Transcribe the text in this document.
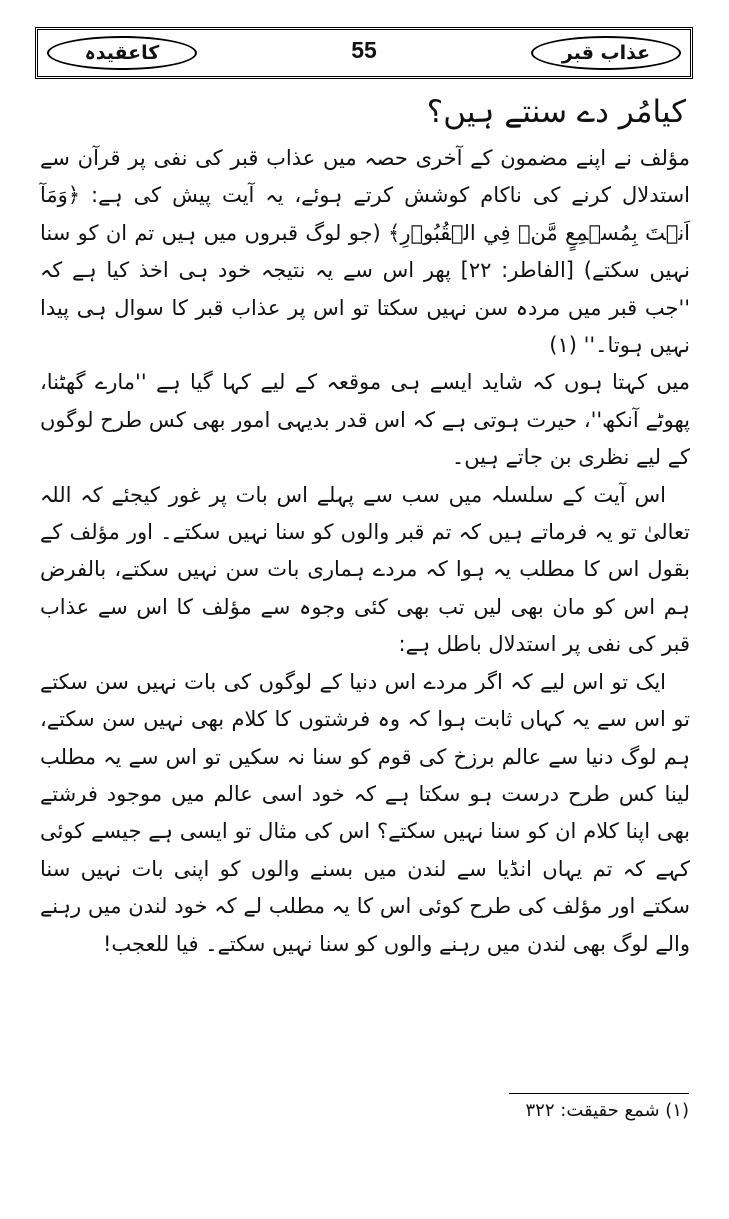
کاعقیدہ	55	عذاب قبر
کیامُر دے سنتے ہیں؟

مؤلف نے اپنے مضمون کے آخری حصہ میں عذاب قبر کی نفی پر قرآن سے استدلال کرنے کی ناکام کوشش کرتے ہوئے، یہ آیت پیش کی ہے: ﴿وَمَآ اَنۡتَ بِمُسۡمِعٍ مَّنۡ فِي الۡقُبُوۡرِ﴾ (جو لوگ قبروں میں ہیں تم ان کو سنا نہیں سکتے) [الفاطر: ۲۲] پھر اس سے یہ نتیجہ خود ہی اخذ کیا ہے کہ ''جب قبر میں مردہ سن نہیں سکتا تو اس پر عذاب قبر کا سوال ہی پیدا نہیں ہوتا۔'' (۱)

میں کہتا ہوں کہ شاید ایسے ہی موقعہ کے لیے کہا گیا ہے ''مارے گھٹنا، پھوٹے آنکھ''، حیرت ہوتی ہے کہ اس قدر بدیہی امور بھی کس طرح لوگوں کے لیے نظری بن جاتے ہیں۔

اس آیت کے سلسلہ میں سب سے پہلے اس بات پر غور کیجئے کہ اللہ تعالیٰ تو یہ فرماتے ہیں کہ تم قبر والوں کو سنا نہیں سکتے۔ اور مؤلف کے بقول اس کا مطلب یہ ہوا کہ مردے ہماری بات سن نہیں سکتے، بالفرض ہم اس کو مان بھی لیں تب بھی کئی وجوہ سے مؤلف کا اس سے عذاب قبر کی نفی پر استدلال باطل ہے:

ایک تو اس لیے کہ اگر مردے اس دنیا کے لوگوں کی بات نہیں سن سکتے تو اس سے یہ کہاں ثابت ہوا کہ وہ فرشتوں کا کلام بھی نہیں سن سکتے، ہم لوگ دنیا سے عالم برزخ کی قوم کو سنا نہ سکیں تو اس سے یہ مطلب لینا کس طرح درست ہو سکتا ہے کہ خود اسی عالم میں موجود فرشتے بھی اپنا کلام ان کو سنا نہیں سکتے؟ اس کی مثال تو ایسی ہے جیسے کوئی کہے کہ تم یہاں انڈیا سے لندن میں بسنے والوں کو اپنی بات نہیں سنا سکتے اور مؤلف کی طرح کوئی اس کا یہ مطلب لے کہ خود لندن میں رہنے والے لوگ بھی لندن میں رہنے والوں کو سنا نہیں سکتے۔ فیا للعجب!

(۱) شمع حقیقت: ۳۲۲
